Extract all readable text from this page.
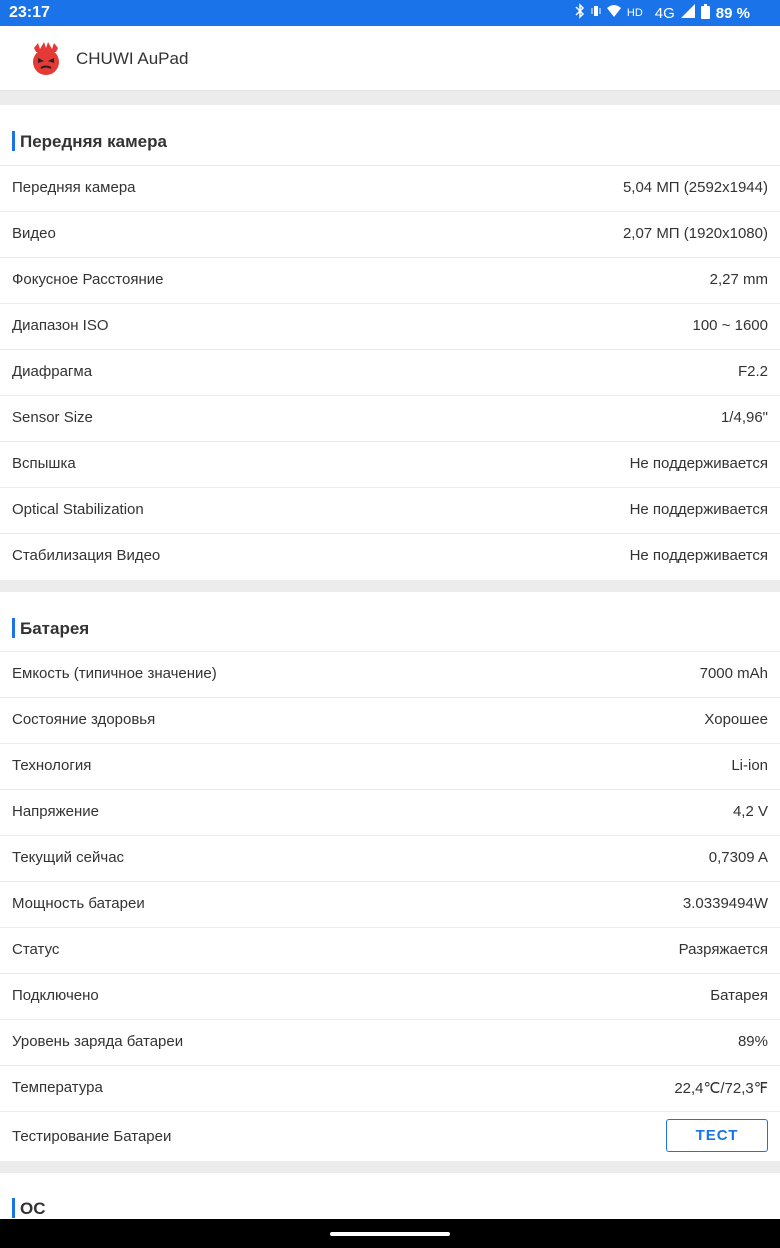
23:17	HD 4G	89 %
CHUWI AuPad
Передняя камера
Передняя камера	5,04 МП (2592x1944)
Видео	2,07 МП (1920x1080)
Фокусное Расстояние	2,27 mm
Диапазон ISO	100 ~ 1600
Диафрагма	F2.2
Sensor Size	1/4,96"
Вспышка	Не поддерживается
Optical Stabilization	Не поддерживается
Стабилизация Видео	Не поддерживается
Батарея
Емкость (типичное значение)	7000 mAh
Состояние здоровья	Хорошее
Технология	Li-ion
Напряжение	4,2 V
Текущий сейчас	0,7309 A
Мощность батареи	3.0339494W
Статус	Разряжается
Подключено	Батарея
Уровень заряда батареи	89%
Температура	22,4℃/72,3℉
Тестирование Батареи	ТЕСТ
ОС
